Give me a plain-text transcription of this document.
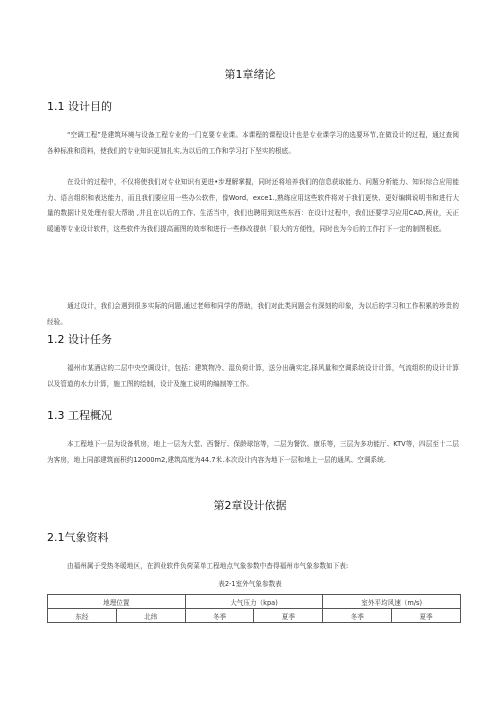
第1章绪论
1.1 设计目的
“空调工程”是建筑环境与设备工程专业的一门克要专业课。本课程的课程设计也是专业课学习的选要环节,在做设计的过程，通过查阅各种标准和资料，使我们的专业知识更加扎实,为以后的工作和学习打下坚实的根底。
在设计的过程中，不仅将使我们对专业知识有更进•步理解掌握，同时还将培养我们的信息获取能力、问题分析能力、知识综合应用能力、语言组织和表达能力，而且我们要应用一些办公软件，像Word、exce1.,熟练应用这些软件将对于我们更快、更好编辑说明书和进行大量的数据计兑处理有很大帮助 ,并且在以后的工作、生活当中，我们也聘用到这些东西：在设计过程中，我们还要学习应用CAD,两业，天正暖通等专业设计软件，这些软件为我们提高画图的效率和进行一些修改提供「很大的方便性，同时也为今后的工作打下一定的制图根底。
通过设计，我们会遇到很多实际的问题,通过老师和同学的帮助，我们对此类问题会有深刻的印象，为以后的学习和工作积累的珍贵的经验。
1.2 设计任务
福州市某酒店的二层中央空调设计，包括：建筑物冷、湿负荷计算，送分出确实定,择风量和空调系统设计计算，气流组织的设计计算以及管道的水力计算，施工图的绘制，设计及施工说明的编制等工作。
1.3 工程概况
本工程地下一层为设备机房，地上一层为大堂、西餐厅、保龄球馆等，二层为餐饮、康乐等，三层为多功能厅、KTV等，四层至十二层为客房，地上同部建筑面积约12000m2,建筑高度为44.7米.本次设计内容为地下一层和地上一层的通风、空调系统.
第2章设计依据
2.1气象资料
由福州属于受热冬暖地区，在泗业软件负荷菜单工程地点气象参数中杳得福州市气象参数如下表:
表2-1室外气象参数表
地理位置		大气压力（kpa)		室外平均风速（m/s)	
东经	北纬	冬季	夏季	冬季	夏季
